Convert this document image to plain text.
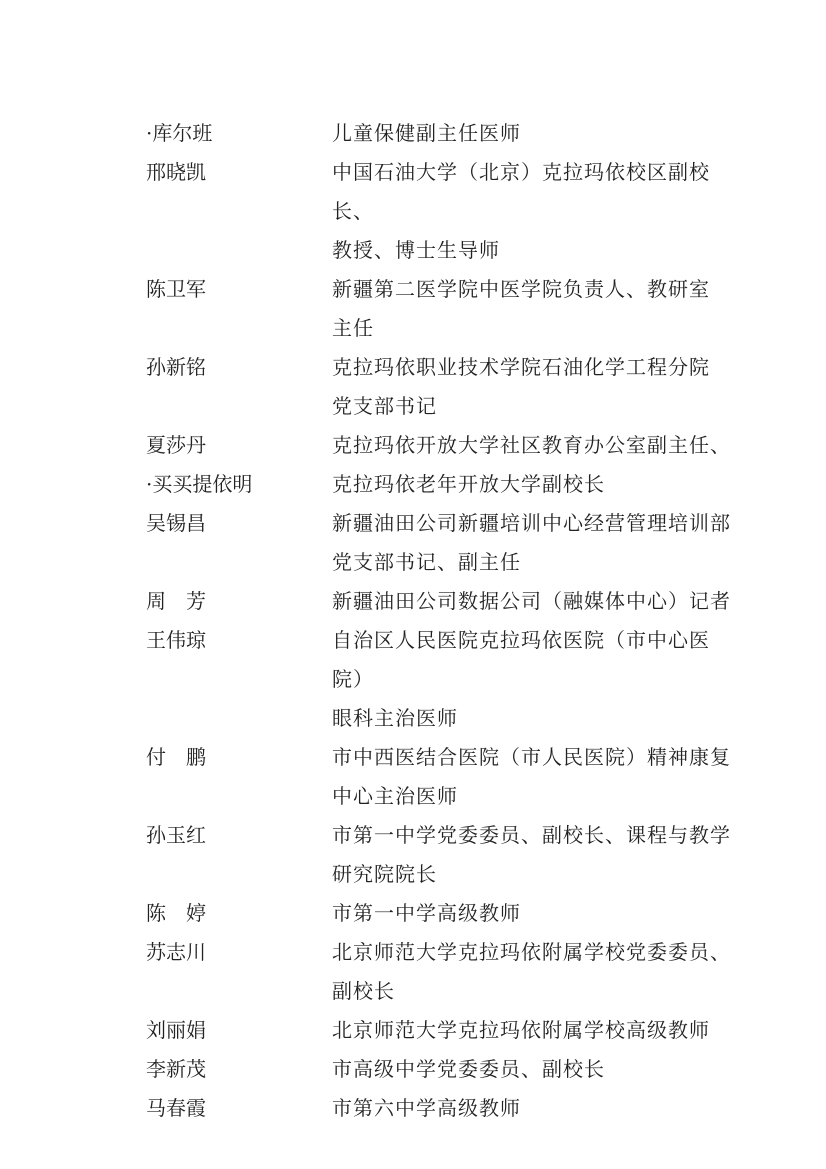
·库尔班	儿童保健副主任医师
邢晓凯	中国石油大学（北京）克拉玛依校区副校长、
教授、博士生导师
陈卫军	新疆第二医学院中医学院负责人、教研室
主任
孙新铭	克拉玛依职业技术学院石油化学工程分院
党支部书记
夏莎丹	克拉玛依开放大学社区教育办公室副主任、
·买买提依明	克拉玛依老年开放大学副校长
吴锡昌	新疆油田公司新疆培训中心经营管理培训部
党支部书记、副主任
周　芳	新疆油田公司数据公司（融媒体中心）记者
王伟琼	自治区人民医院克拉玛依医院（市中心医院）
眼科主治医师
付　鹏	市中西医结合医院（市人民医院）精神康复
中心主治医师
孙玉红	市第一中学党委委员、副校长、课程与教学
研究院院长
陈　婷	市第一中学高级教师
苏志川	北京师范大学克拉玛依附属学校党委委员、
副校长
刘丽娟	北京师范大学克拉玛依附属学校高级教师
李新茂	市高级中学党委委员、副校长
马春霞	市第六中学高级教师
